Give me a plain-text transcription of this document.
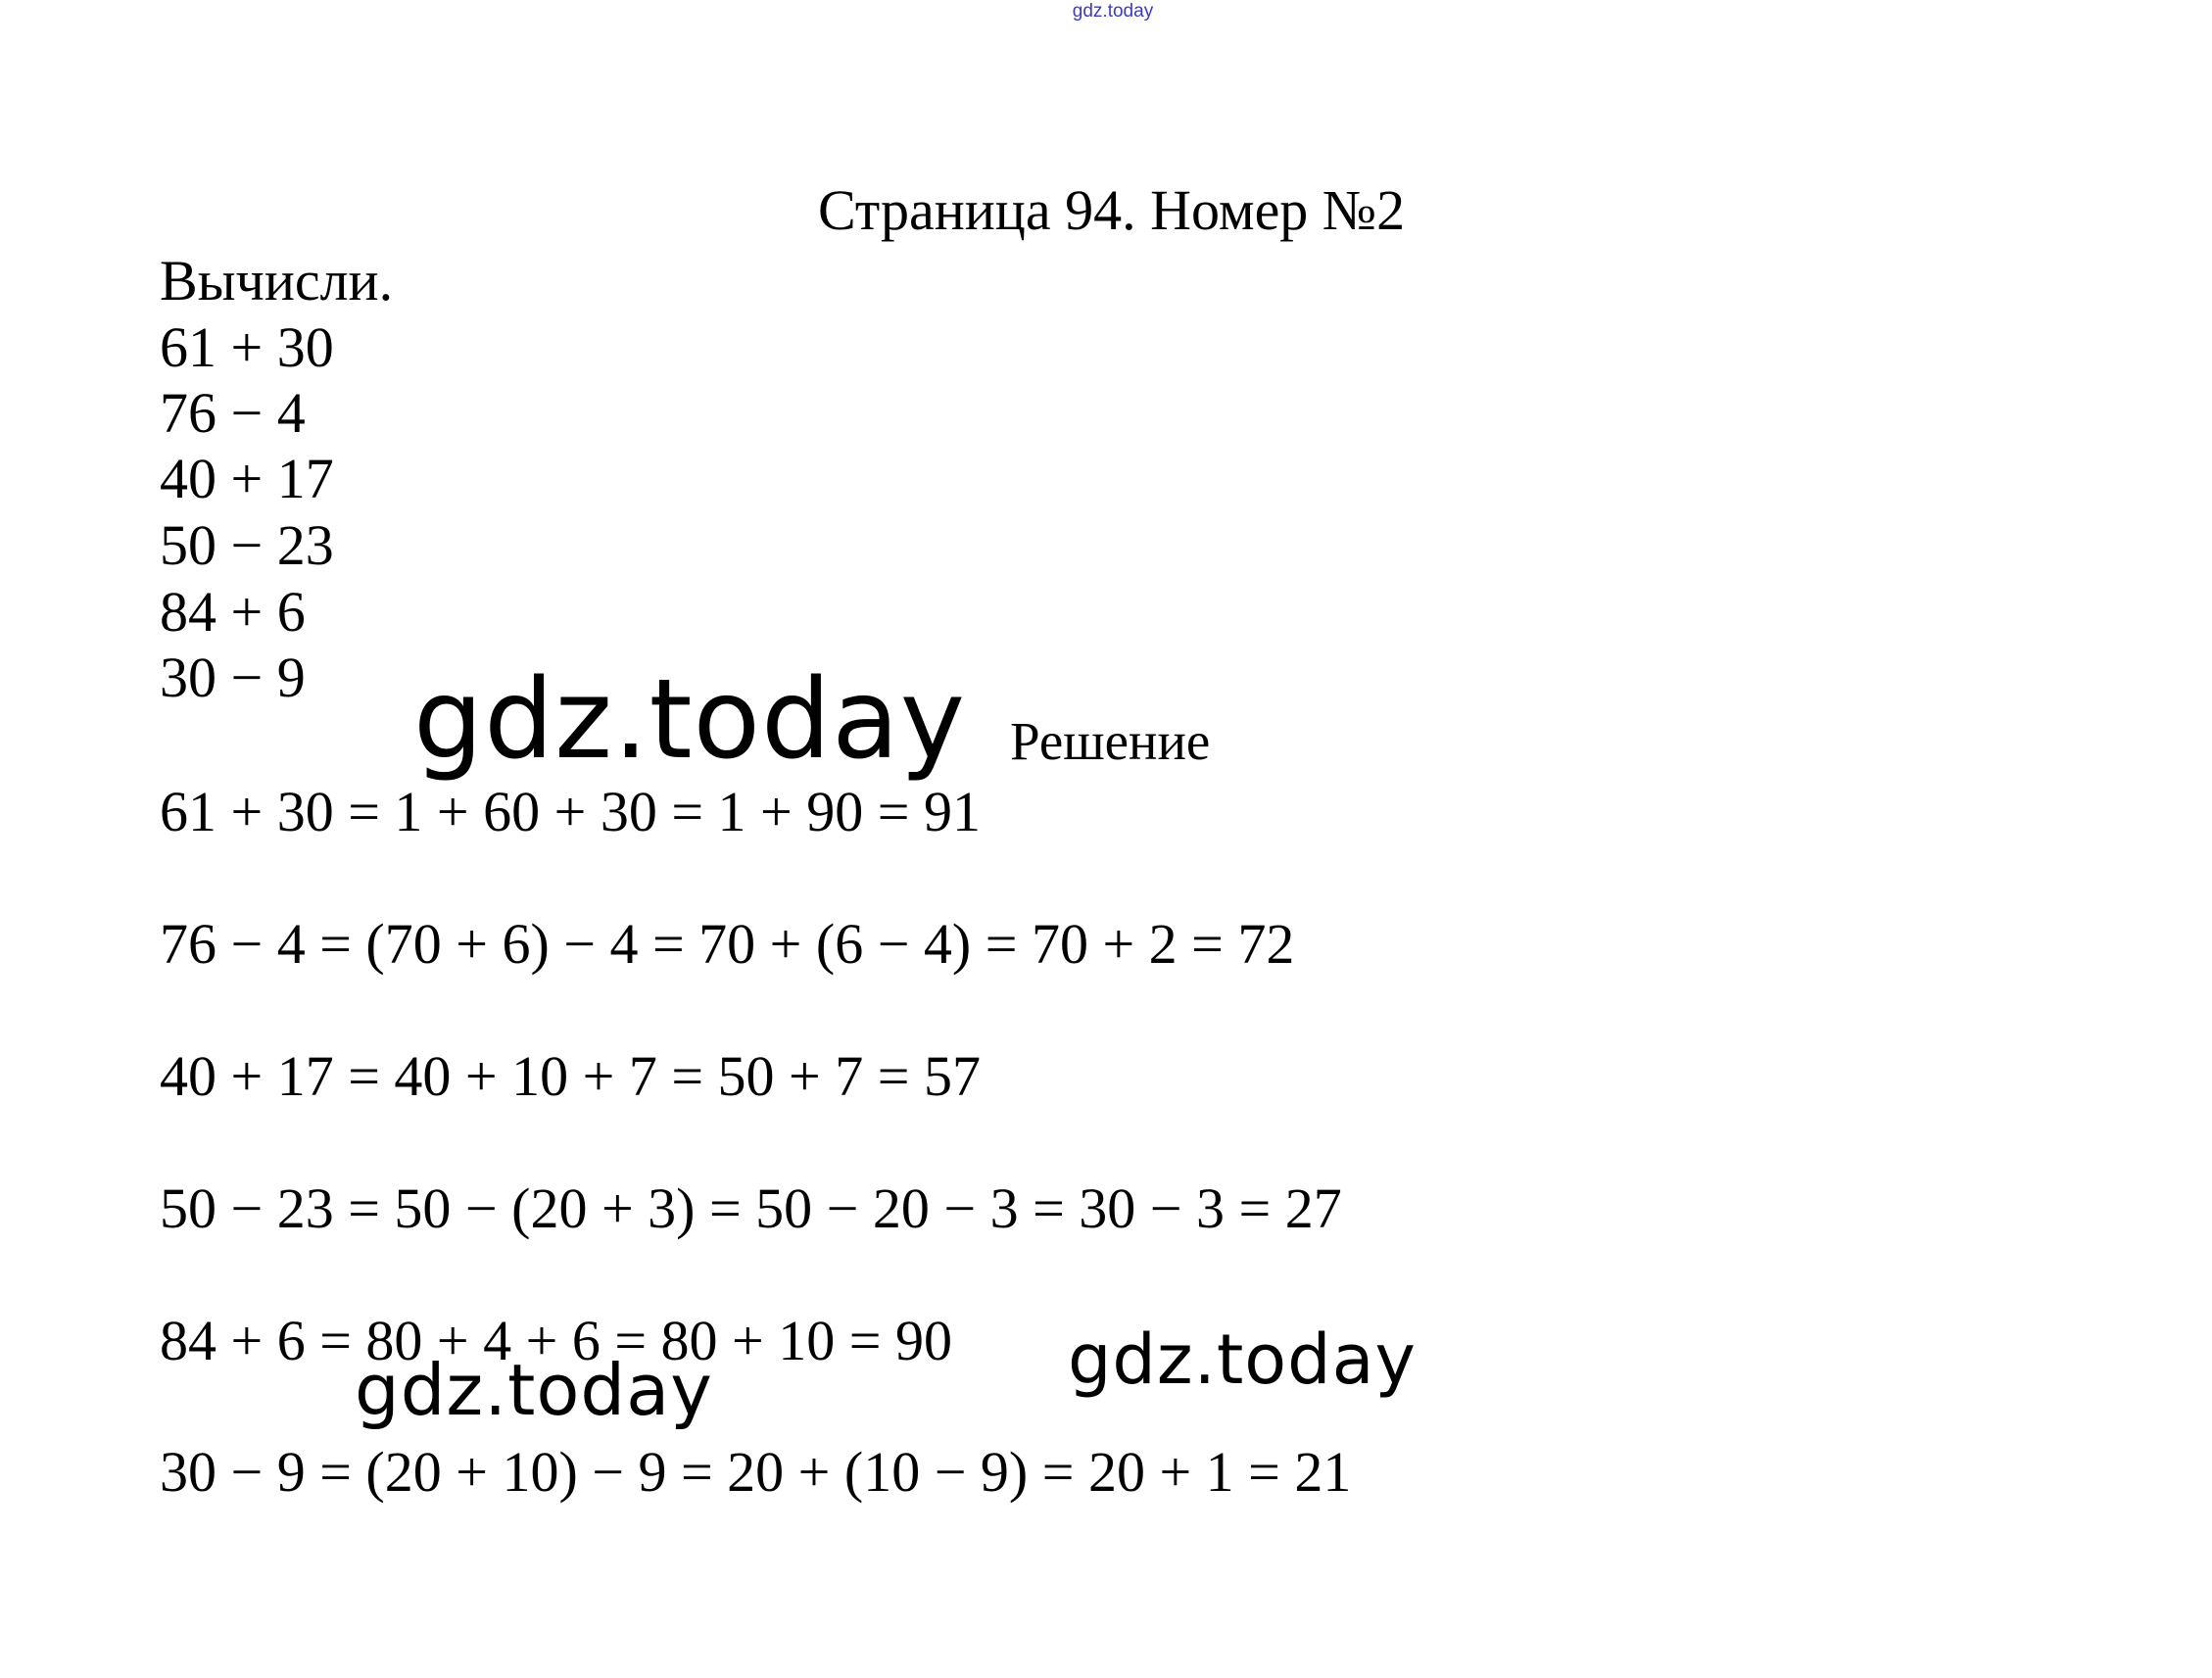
gdz.today
Страница 94. Номер №2
Вычисли.
61 + 30
76 − 4
40 + 17
50 − 23
84 + 6
30 − 9 gdz.today Решение
61 + 30 = 1 + 60 + 30 = 1 + 90 = 91
76 − 4 = (70 + 6) − 4 = 70 + (6 − 4) = 70 + 2 = 72
40 + 17 = 40 + 10 + 7 = 50 + 7 = 57
50 − 23 = 50 − (20 + 3) = 50 − 20 − 3 = 30 − 3 = 27
84 + 6 = 80 + 4 + 6 = 80 + 10 = 90 gdz.today
gdz.today
30 − 9 = (20 + 10) − 9 = 20 + (10 − 9) = 20 + 1 = 21
